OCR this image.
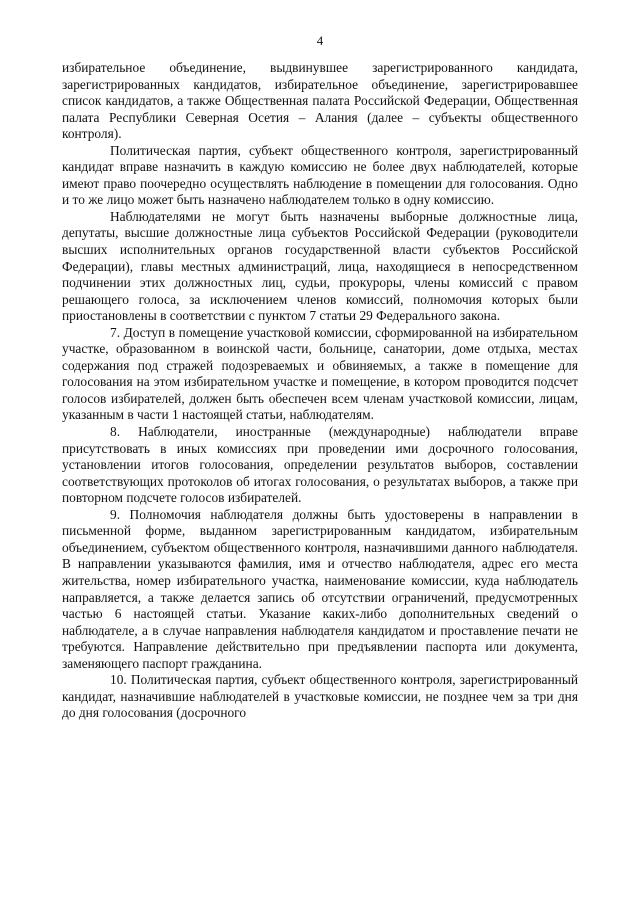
4

избирательное объединение, выдвинувшее зарегистрированного кандидата, зарегистрированных кандидатов, избирательное объединение, зарегистрировавшее список кандидатов, а также Общественная палата Российской Федерации, Общественная палата Республики Северная Осетия – Алания (далее – субъекты общественного контроля).

Политическая партия, субъект общественного контроля, зарегистрированный кандидат вправе назначить в каждую комиссию не более двух наблюдателей, которые имеют право поочередно осуществлять наблюдение в помещении для голосования. Одно и то же лицо может быть назначено наблюдателем только в одну комиссию.

Наблюдателями не могут быть назначены выборные должностные лица, депутаты, высшие должностные лица субъектов Российской Федерации (руководители высших исполнительных органов государственной власти субъектов Российской Федерации), главы местных администраций, лица, находящиеся в непосредственном подчинении этих должностных лиц, судьи, прокуроры, члены комиссий с правом решающего голоса, за исключением членов комиссий, полномочия которых были приостановлены в соответствии с пунктом 7 статьи 29 Федерального закона.

7. Доступ в помещение участковой комиссии, сформированной на избирательном участке, образованном в воинской части, больнице, санатории, доме отдыха, местах содержания под стражей подозреваемых и обвиняемых, а также в помещение для голосования на этом избирательном участке и помещение, в котором проводится подсчет голосов избирателей, должен быть обеспечен всем членам участковой комиссии, лицам, указанным в части 1 настоящей статьи, наблюдателям.

8. Наблюдатели, иностранные (международные) наблюдатели вправе присутствовать в иных комиссиях при проведении ими досрочного голосования, установлении итогов голосования, определении результатов выборов, составлении соответствующих протоколов об итогах голосования, о результатах выборов, а также при повторном подсчете голосов избирателей.

9. Полномочия наблюдателя должны быть удостоверены в направлении в письменной форме, выданном зарегистрированным кандидатом, избирательным объединением, субъектом общественного контроля, назначившими данного наблюдателя. В направлении указываются фамилия, имя и отчество наблюдателя, адрес его места жительства, номер избирательного участка, наименование комиссии, куда наблюдатель направляется, а также делается запись об отсутствии ограничений, предусмотренных частью 6 настоящей статьи. Указание каких-либо дополнительных сведений о наблюдателе, а в случае направления наблюдателя кандидатом и проставление печати не требуются. Направление действительно при предъявлении паспорта или документа, заменяющего паспорт гражданина.

10. Политическая партия, субъект общественного контроля, зарегистрированный кандидат, назначившие наблюдателей в участковые комиссии, не позднее чем за три дня до дня голосования (досрочного
